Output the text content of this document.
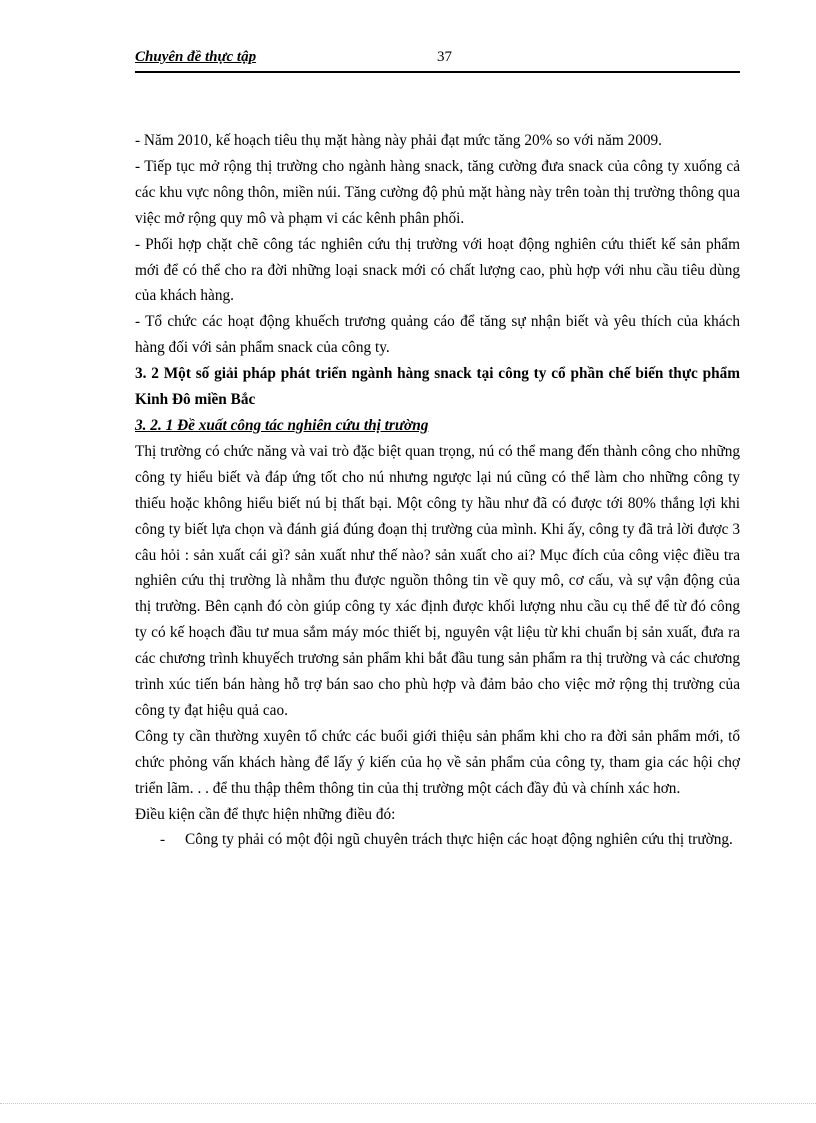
Chuyên đề thực tập	37

- Năm 2010, kế hoạch tiêu thụ mặt hàng này phải đạt mức tăng 20% so với năm 2009.

- Tiếp tục mở rộng thị trường cho ngành hàng snack, tăng cường đưa snack của công ty xuống cả các khu vực nông thôn, miền núi. Tăng cường độ phủ mặt hàng này trên toàn thị trường thông qua việc mở rộng quy mô và phạm vi các kênh phân phối.

- Phối hợp chặt chẽ công tác nghiên cứu thị trường với hoạt động nghiên cứu thiết kế sản phẩm mới để có thể cho ra đời những loại snack mới có chất lượng cao, phù hợp với nhu cầu tiêu dùng của khách hàng.

- Tổ chức các hoạt động khuếch trương quảng cáo để tăng sự nhận biết và yêu thích của khách hàng đối với sản phẩm snack của công ty.

3. 2 Một số giải pháp phát triển ngành hàng snack tại công ty cổ phần chế biến thực phẩm Kinh Đô miền Bắc

3. 2. 1 Đề xuất công tác nghiên cứu thị trường

Thị trường có chức năng và vai trò đặc biệt quan trọng, nú có thể mang đến thành công cho những công ty hiểu biết và đáp ứng tốt cho nú nhưng ngược lại nú cũng có thể làm cho những công ty thiếu hoặc không hiểu biết nú bị thất bại. Một công ty hầu như đã có được tới 80% thắng lợi khi công ty biết lựa chọn và đánh giá đúng đoạn thị trường của mình. Khi ấy, công ty đã trả lời được 3 câu hỏi : sản xuất cái gì? sản xuất như thế nào? sản xuất cho ai? Mục đích của công việc điều tra nghiên cứu thị trường là nhằm thu được nguồn thông tin về quy mô, cơ cấu, và sự vận động của thị trường. Bên cạnh đó còn giúp công ty xác định được khối lượng nhu cầu cụ thể để từ đó công ty có kế hoạch đầu tư mua sắm máy móc thiết bị, nguyên vật liệu từ khi chuẩn bị sản xuất, đưa ra các chương trình khuyếch trương sản phẩm khi bắt đầu tung sản phẩm ra thị trường và các chương trình xúc tiến bán hàng hỗ trợ bán sao cho phù hợp và đảm bảo cho việc mở rộng thị trường của công ty đạt hiệu quả cao.

Công ty cần thường xuyên tổ chức các buổi giới thiệu sản phẩm khi cho ra đời sản phẩm mới, tổ chức phỏng vấn khách hàng để lấy ý kiến của họ về sản phẩm của công ty, tham gia các hội chợ triển lãm. . . để thu thập thêm thông tin của thị trường một cách đầy đủ và chính xác hơn.

Điều kiện cần để thực hiện những điều đó:

- Công ty phải có một đội ngũ chuyên trách thực hiện các hoạt động nghiên cứu thị trường.
